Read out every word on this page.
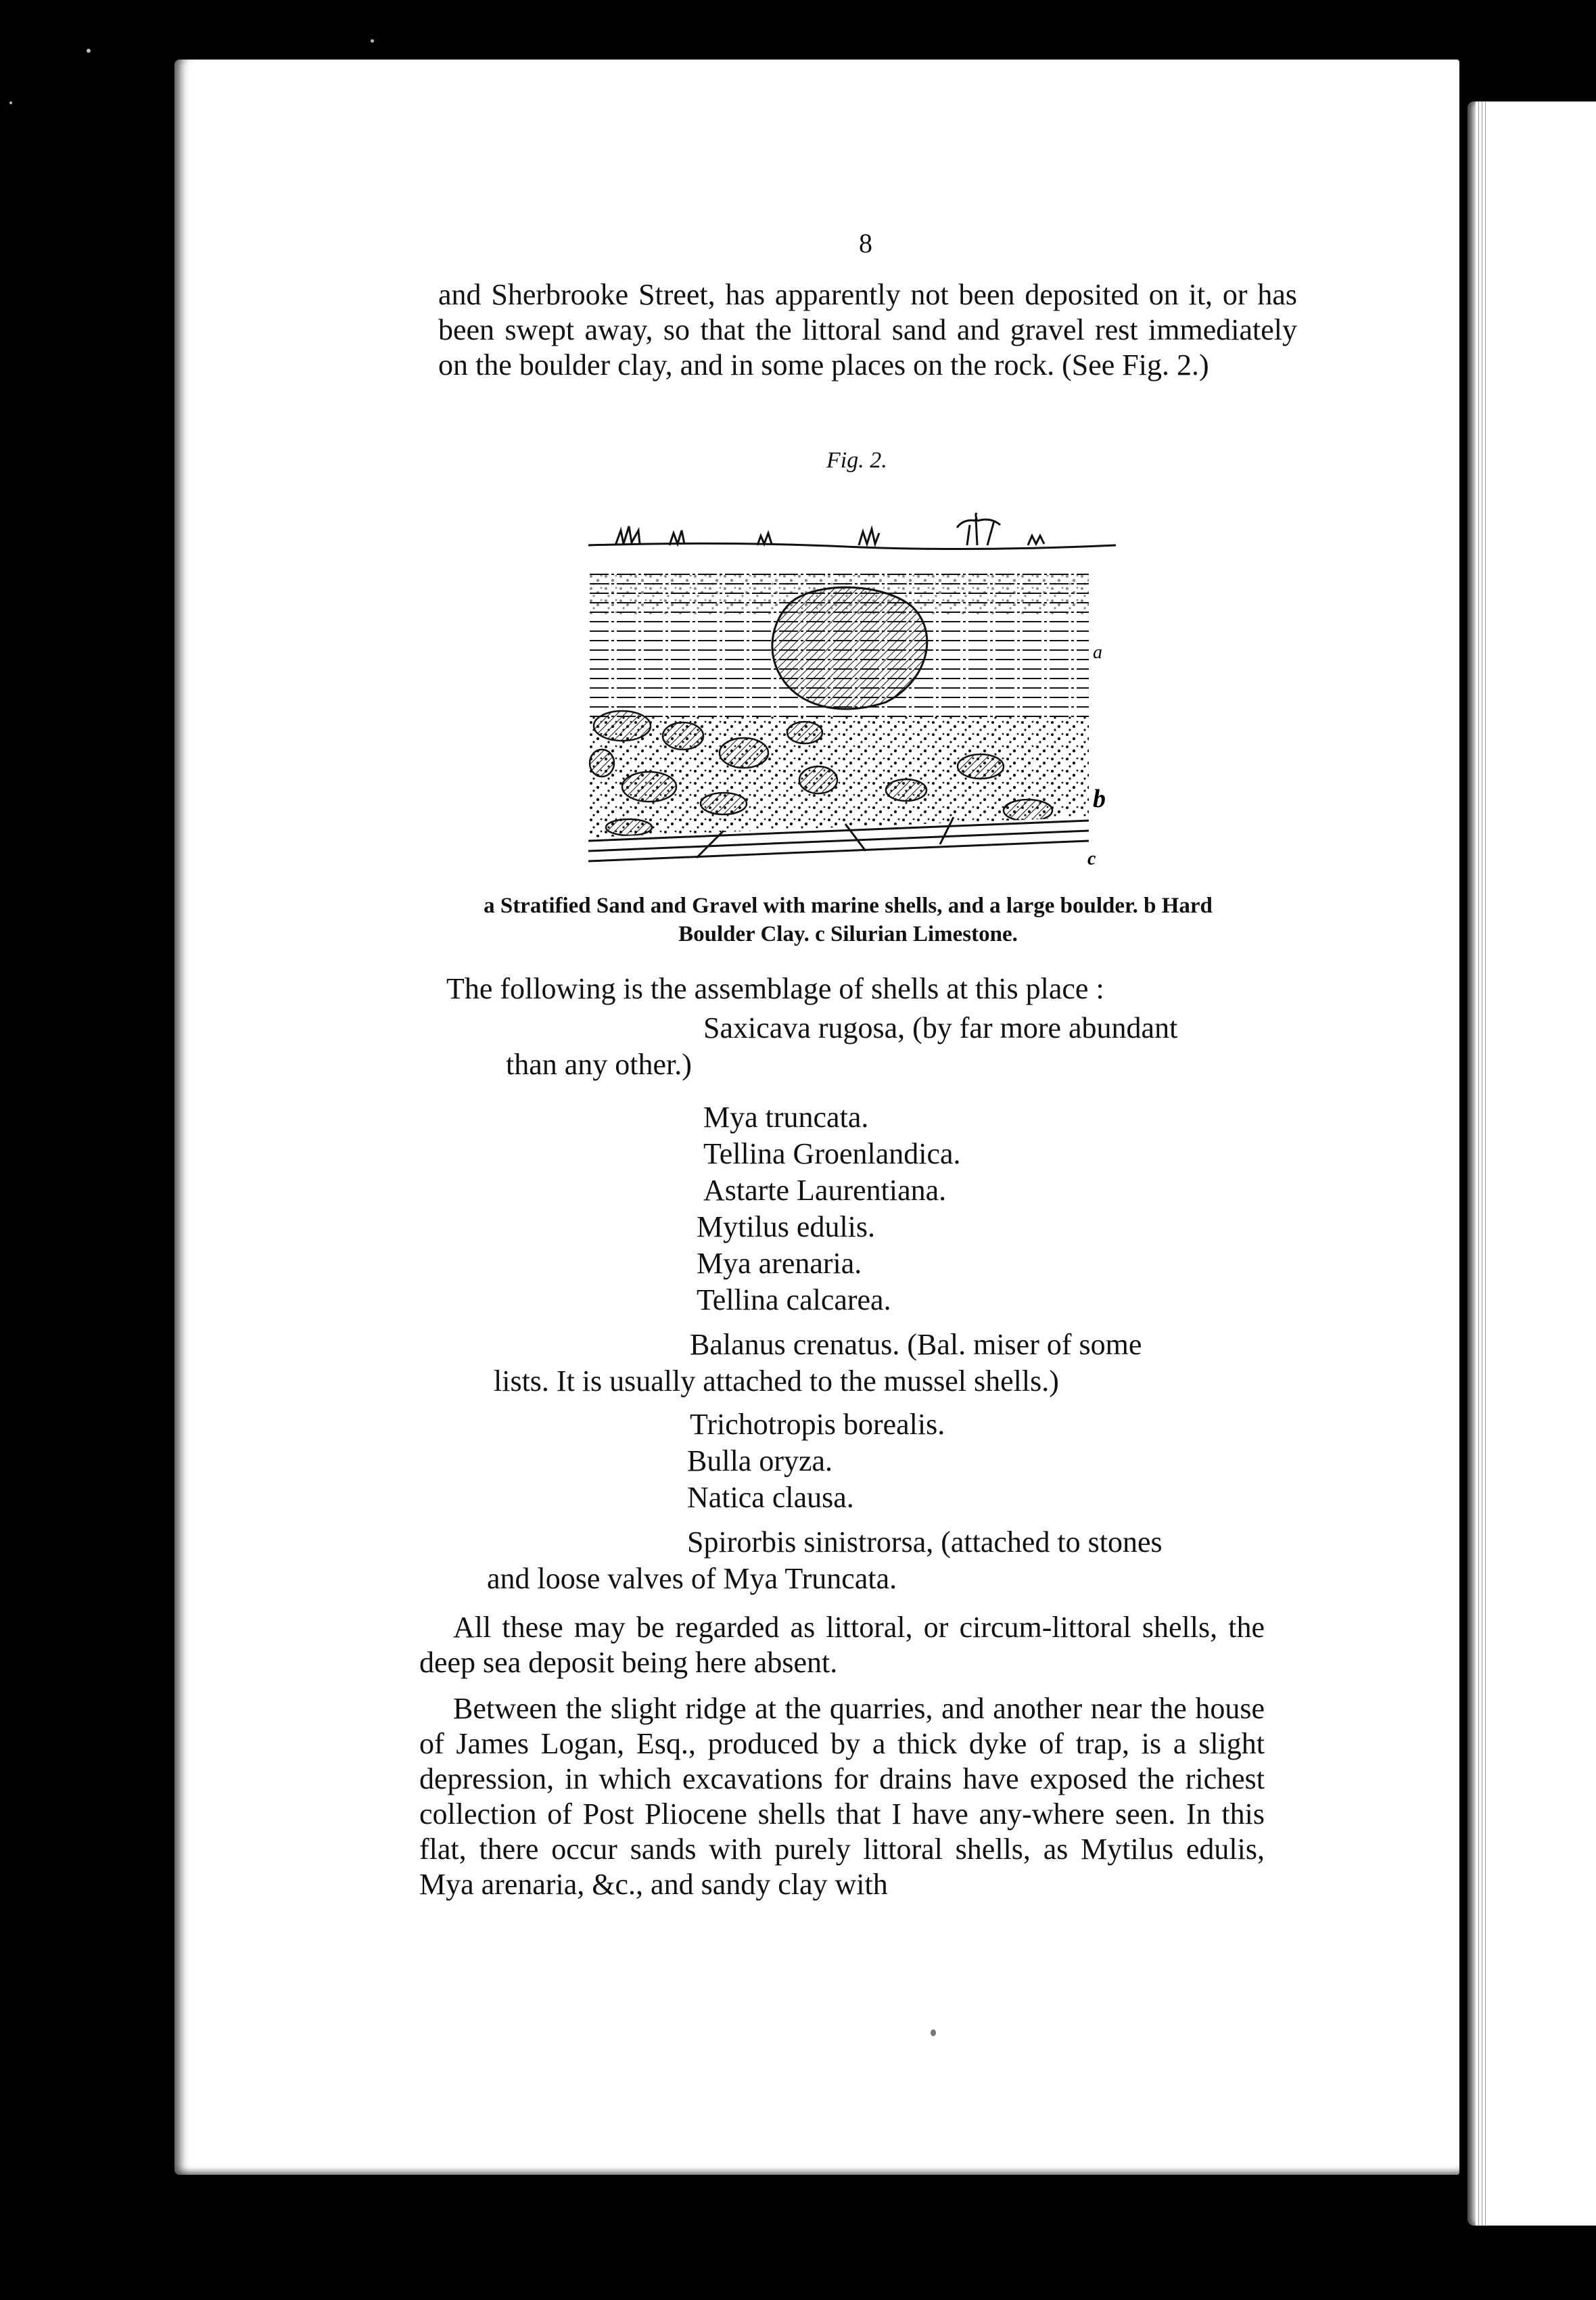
8

and Sherbrooke Street, has apparently not been deposited on it, or has been swept away, so that the littoral sand and gravel rest immediately on the boulder clay, and in some places on the rock. (See Fig. 2.)

Fig. 2.
a
b
c
a Stratified Sand and Gravel with marine shells, and a large boulder. b Hard
Boulder Clay. c Silurian Limestone.
The following is the assemblage of shells at this place :
Saxicava rugosa, (by far more abundant
than any other.)
Mya truncata.
Tellina Groenlandica.
Astarte Laurentiana.
Mytilus edulis.
Mya arenaria.
Tellina calcarea.
Balanus crenatus. (Bal. miser of some
lists. It is usually attached to the mussel shells.)
Trichotropis borealis.
Bulla oryza.
Natica clausa.
Spirorbis sinistrorsa, (attached to stones
and loose valves of Mya Truncata.

All these may be regarded as littoral, or circum-littoral shells, the deep sea deposit being here absent.

Between the slight ridge at the quarries, and another near the house of James Logan, Esq., produced by a thick dyke of trap, is a slight depression, in which excavations for drains have exposed the richest collection of Post Pliocene shells that I have any-where seen. In this flat, there occur sands with purely littoral shells, as Mytilus edulis, Mya arenaria, &c., and sandy clay with
